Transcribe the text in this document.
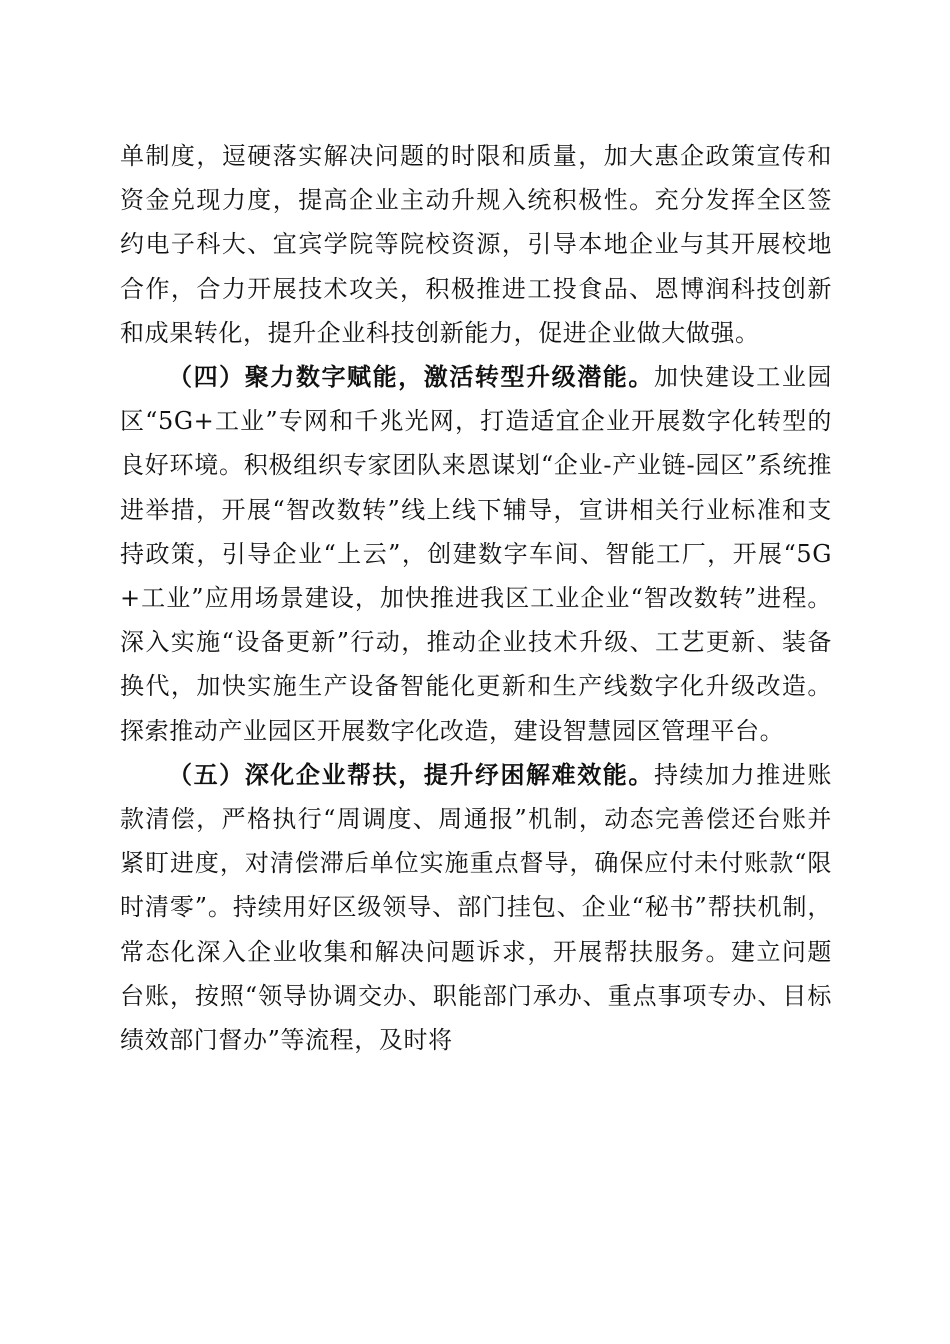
单制度，逗硬落实解决问题的时限和质量，加大惠企政策宣传和资金兑现力度，提高企业主动升规入统积极性。充分发挥全区签约电子科大、宜宾学院等院校资源，引导本地企业与其开展校地合作，合力开展技术攻关，积极推进工投食品、恩博润科技创新和成果转化，提升企业科技创新能力，促进企业做大做强。

（四）聚力数字赋能，激活转型升级潜能。加快建设工业园区“5G+工业”专网和千兆光网，打造适宜企业开展数字化转型的良好环境。积极组织专家团队来恩谋划“企业-产业链-园区”系统推进举措，开展“智改数转”线上线下辅导，宣讲相关行业标准和支持政策，引导企业“上云”，创建数字车间、智能工厂，开展“5G+工业”应用场景建设，加快推进我区工业企业“智改数转”进程。深入实施“设备更新”行动，推动企业技术升级、工艺更新、装备换代，加快实施生产设备智能化更新和生产线数字化升级改造。探索推动产业园区开展数字化改造，建设智慧园区管理平台。

（五）深化企业帮扶，提升纾困解难效能。持续加力推进账款清偿，严格执行“周调度、周通报”机制，动态完善偿还台账并紧盯进度，对清偿滞后单位实施重点督导，确保应付未付账款“限时清零”。持续用好区级领导、部门挂包、企业“秘书”帮扶机制，常态化深入企业收集和解决问题诉求，开展帮扶服务。建立问题台账，按照“领导协调交办、职能部门承办、重点事项专办、目标绩效部门督办”等流程，及时将
